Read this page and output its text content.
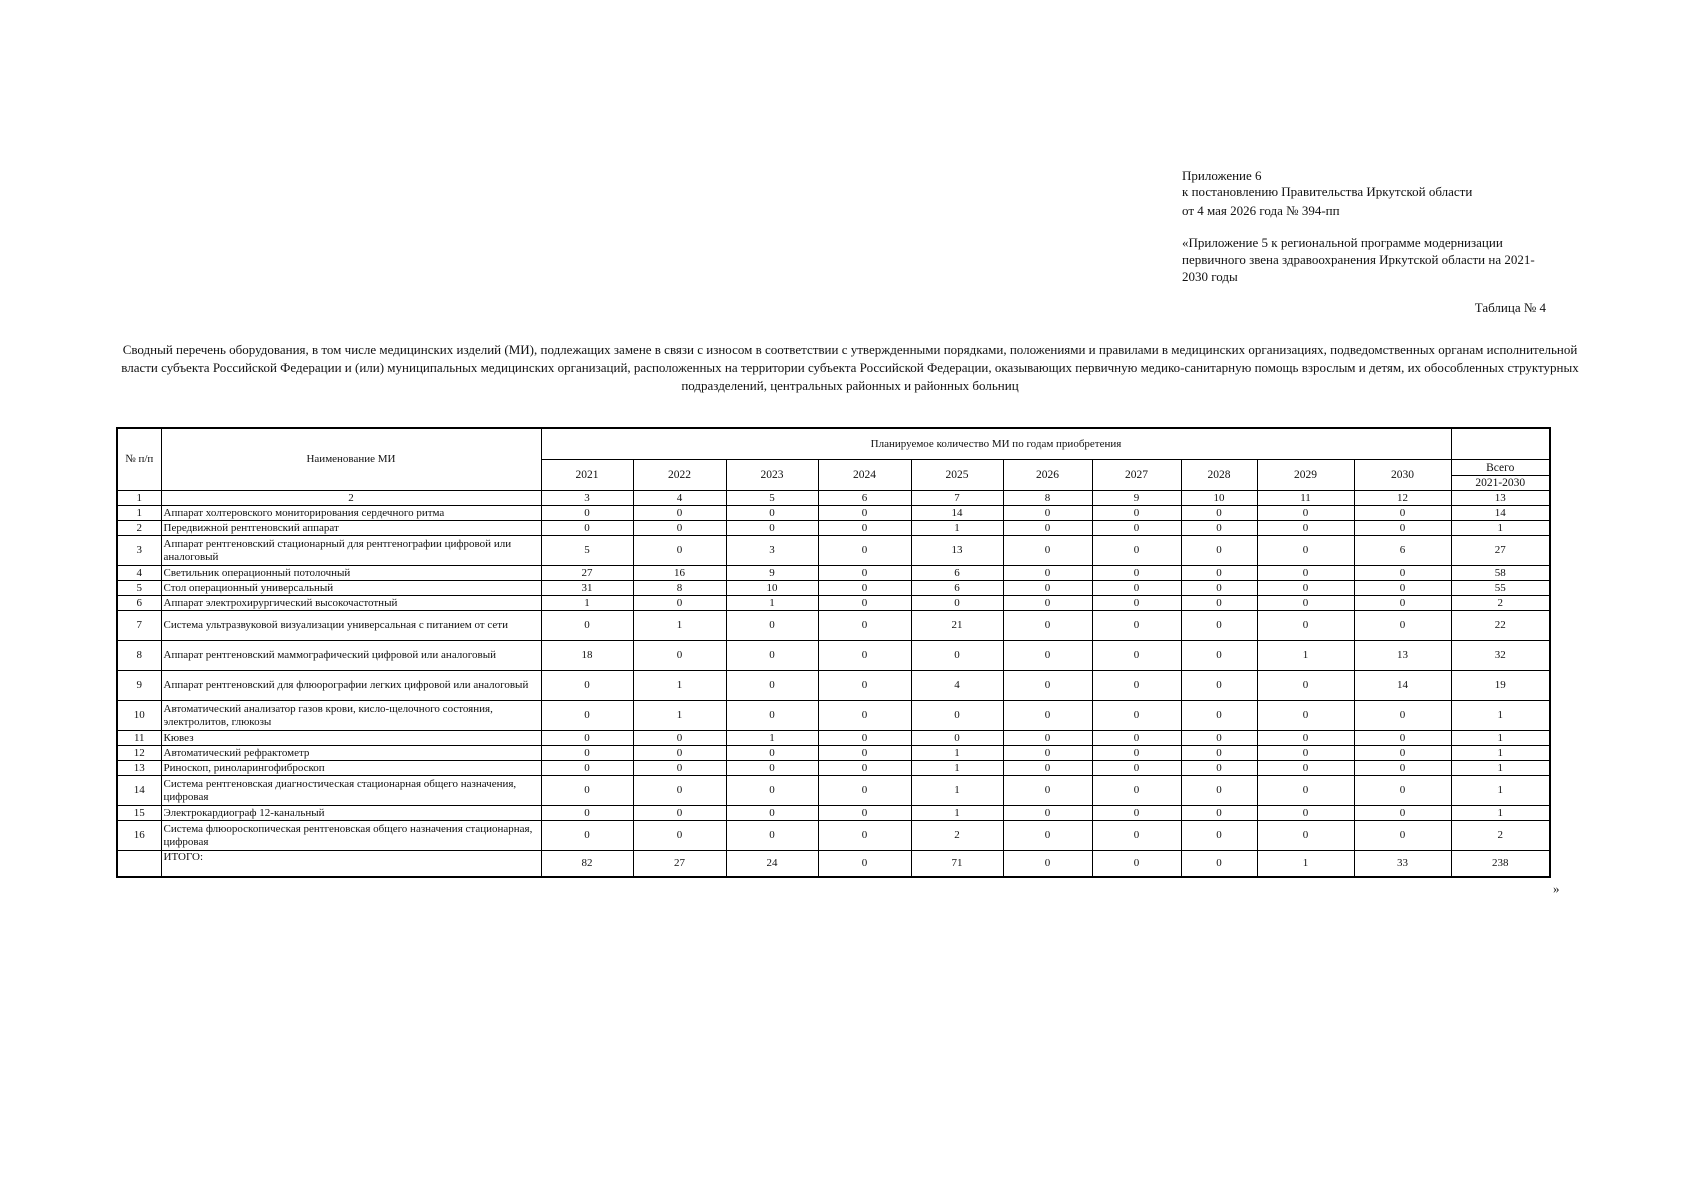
Приложение 6
к постановлению Правительства Иркутской области
от 4 мая 2026 года № 394-пп
«Приложение 5 к региональной программе модернизации первичного звена здравоохранения Иркутской области на 2021-2030 годы
Таблица № 4
Сводный перечень оборудования, в том числе медицинских изделий (МИ), подлежащих замене в связи с износом в соответствии с утвержденными порядками, положениями и правилами в медицинских организациях, подведомственных органам исполнительной власти субъекта Российской Федерации и (или) муниципальных медицинских организаций, расположенных на территории субъекта Российской Федерации, оказывающих первичную медико-санитарную помощь взрослым и детям, их обособленных структурных подразделений, центральных районных и районных больниц
№ п/п	Наименование МИ	Планируемое количество МИ по годам приобретения										
		2021	2022	2023	2024	2025	2026	2027	2028	2029	2030	Всего
2021-2030

1	2	3	4	5	6	7	8	9	10	11	12	13
1	Аппарат холтеровского мониторирования сердечного ритма	0	0	0	0	14	0	0	0	0	0	14
2	Передвижной рентгеновский аппарат	0	0	0	0	1	0	0	0	0	0	1
3	Аппарат рентгеновский стационарный для рентгенографии цифровой или аналоговый	5	0	3	0	13	0	0	0	0	6	27
4	Светильник операционный потолочный	27	16	9	0	6	0	0	0	0	0	58
5	Стол операционный универсальный	31	8	10	0	6	0	0	0	0	0	55
6	Аппарат электрохирургический высокочастотный	1	0	1	0	0	0	0	0	0	0	2
7	Система ультразвуковой визуализации универсальная с питанием от сети	0	1	0	0	21	0	0	0	0	0	22
8	Аппарат рентгеновский маммографический цифровой или аналоговый	18	0	0	0	0	0	0	0	1	13	32
9	Аппарат рентгеновский для флюорографии легких цифровой или аналоговый	0	1	0	0	4	0	0	0	0	14	19
10	Автоматический анализатор газов крови, кисло-щелочного состояния, электролитов, глюкозы	0	1	0	0	0	0	0	0	0	0	1
11	Кювез	0	0	1	0	0	0	0	0	0	0	1
12	Автоматический рефрактометр	0	0	0	0	1	0	0	0	0	0	1
13	Риноскоп, риноларингофиброскоп	0	0	0	0	1	0	0	0	0	0	1
14	Система рентгеновская диагностическая стационарная общего назначения, цифровая	0	0	0	0	1	0	0	0	0	0	1
15	Электрокардиограф 12-канальный	0	0	0	0	1	0	0	0	0	0	1
16	Система флюороскопическая рентгеновская общего назначения стационарная, цифровая	0	0	0	0	2	0	0	0	0	0	2
	ИТОГО:	82	27	24	0	71	0	0	0	1	33	238
»
